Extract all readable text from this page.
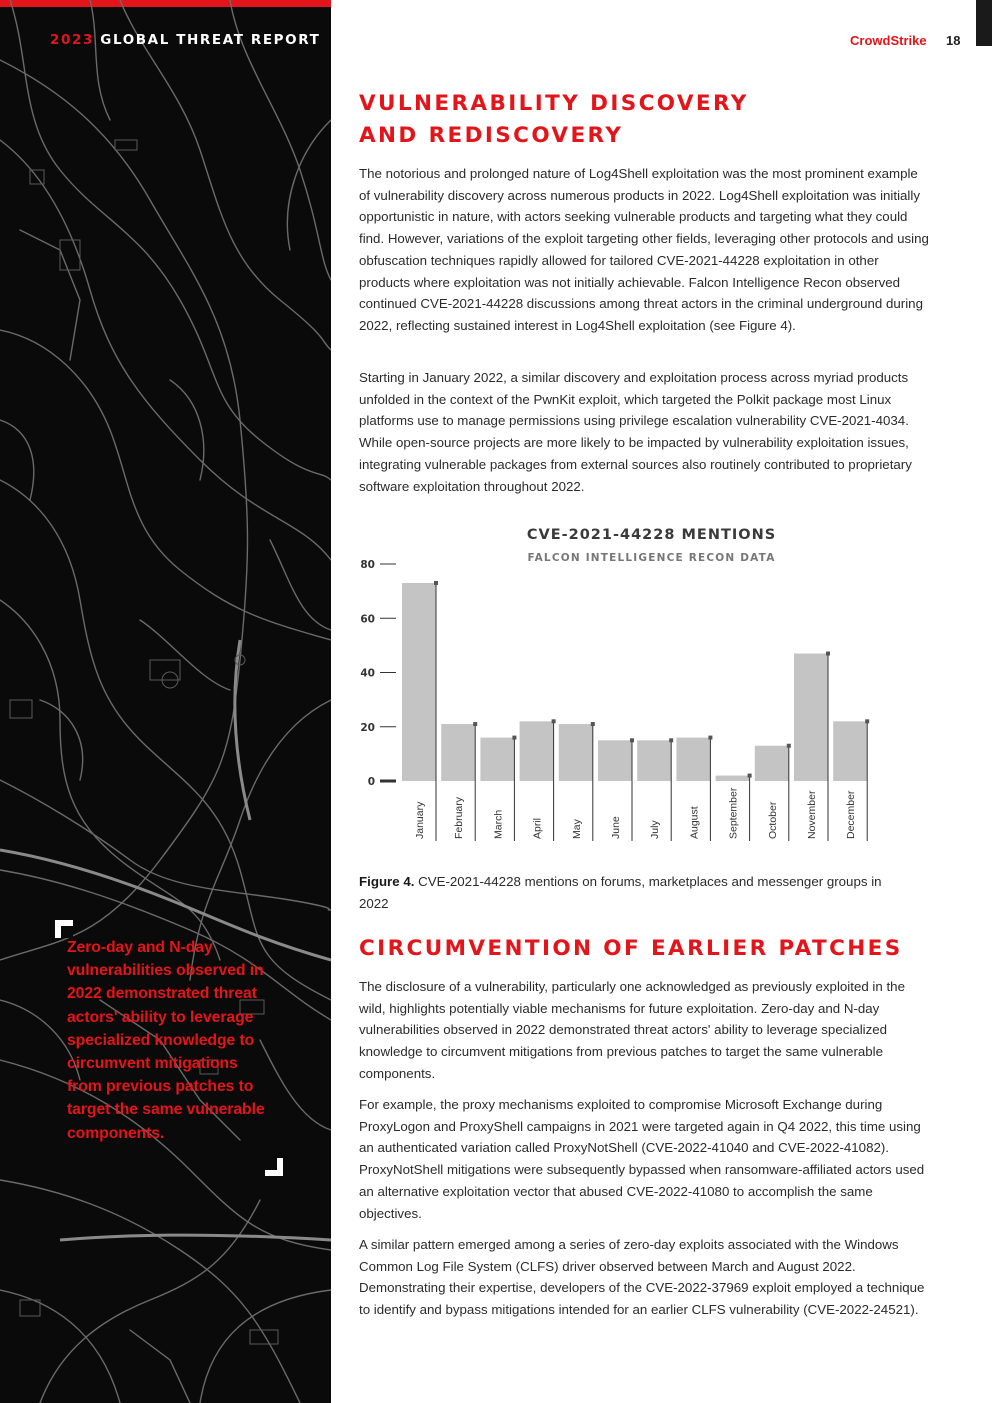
2023 GLOBAL THREAT REPORT
Zero-day and N-day vulnerabilities observed in 2022 demonstrated threat actors' ability to leverage specialized knowledge to circumvent mitigations from previous patches to target the same vulnerable components.
CrowdStrike 18
VULNERABILITY DISCOVERY
AND REDISCOVERY
The notorious and prolonged nature of Log4Shell exploitation was the most prominent example of vulnerability discovery across numerous products in 2022. Log4Shell exploitation was initially opportunistic in nature, with actors seeking vulnerable products and targeting what they could find. However, variations of the exploit targeting other fields, leveraging other protocols and using obfuscation techniques rapidly allowed for tailored CVE-2021-44228 exploitation in other products where exploitation was not initially achievable. Falcon Intelligence Recon observed continued CVE-2021-44228 discussions among threat actors in the criminal underground during 2022, reflecting sustained interest in Log4Shell exploitation (see Figure 4).
Starting in January 2022, a similar discovery and exploitation process across myriad products unfolded in the context of the PwnKit exploit, which targeted the Polkit package most Linux platforms use to manage permissions using privilege escalation vulnerability CVE-2021-4034. While open-source projects are more likely to be impacted by vulnerability exploitation issues, integrating vulnerable packages from external sources also routinely contributed to proprietary software exploitation throughout 2022.
CVE-2021-44228 MENTIONS
FALCON INTELLIGENCE RECON DATA
0
20
40
60
80
January	February	March	April	May	June	July	August	September	October	November	December
Figure 4. CVE-2021-44228 mentions on forums, marketplaces and messenger groups in 2022
CIRCUMVENTION OF EARLIER PATCHES
The disclosure of a vulnerability, particularly one acknowledged as previously exploited in the wild, highlights potentially viable mechanisms for future exploitation. Zero-day and N-day vulnerabilities observed in 2022 demonstrated threat actors' ability to leverage specialized knowledge to circumvent mitigations from previous patches to target the same vulnerable components.
For example, the proxy mechanisms exploited to compromise Microsoft Exchange during ProxyLogon and ProxyShell campaigns in 2021 were targeted again in Q4 2022, this time using an authenticated variation called ProxyNotShell (CVE-2022-41040 and CVE-2022-41082). ProxyNotShell mitigations were subsequently bypassed when ransomware-affiliated actors used an alternative exploitation vector that abused CVE-2022-41080 to accomplish the same objectives.
A similar pattern emerged among a series of zero-day exploits associated with the Windows Common Log File System (CLFS) driver observed between March and August 2022. Demonstrating their expertise, developers of the CVE-2022-37969 exploit employed a technique to identify and bypass mitigations intended for an earlier CLFS vulnerability (CVE-2022-24521).
